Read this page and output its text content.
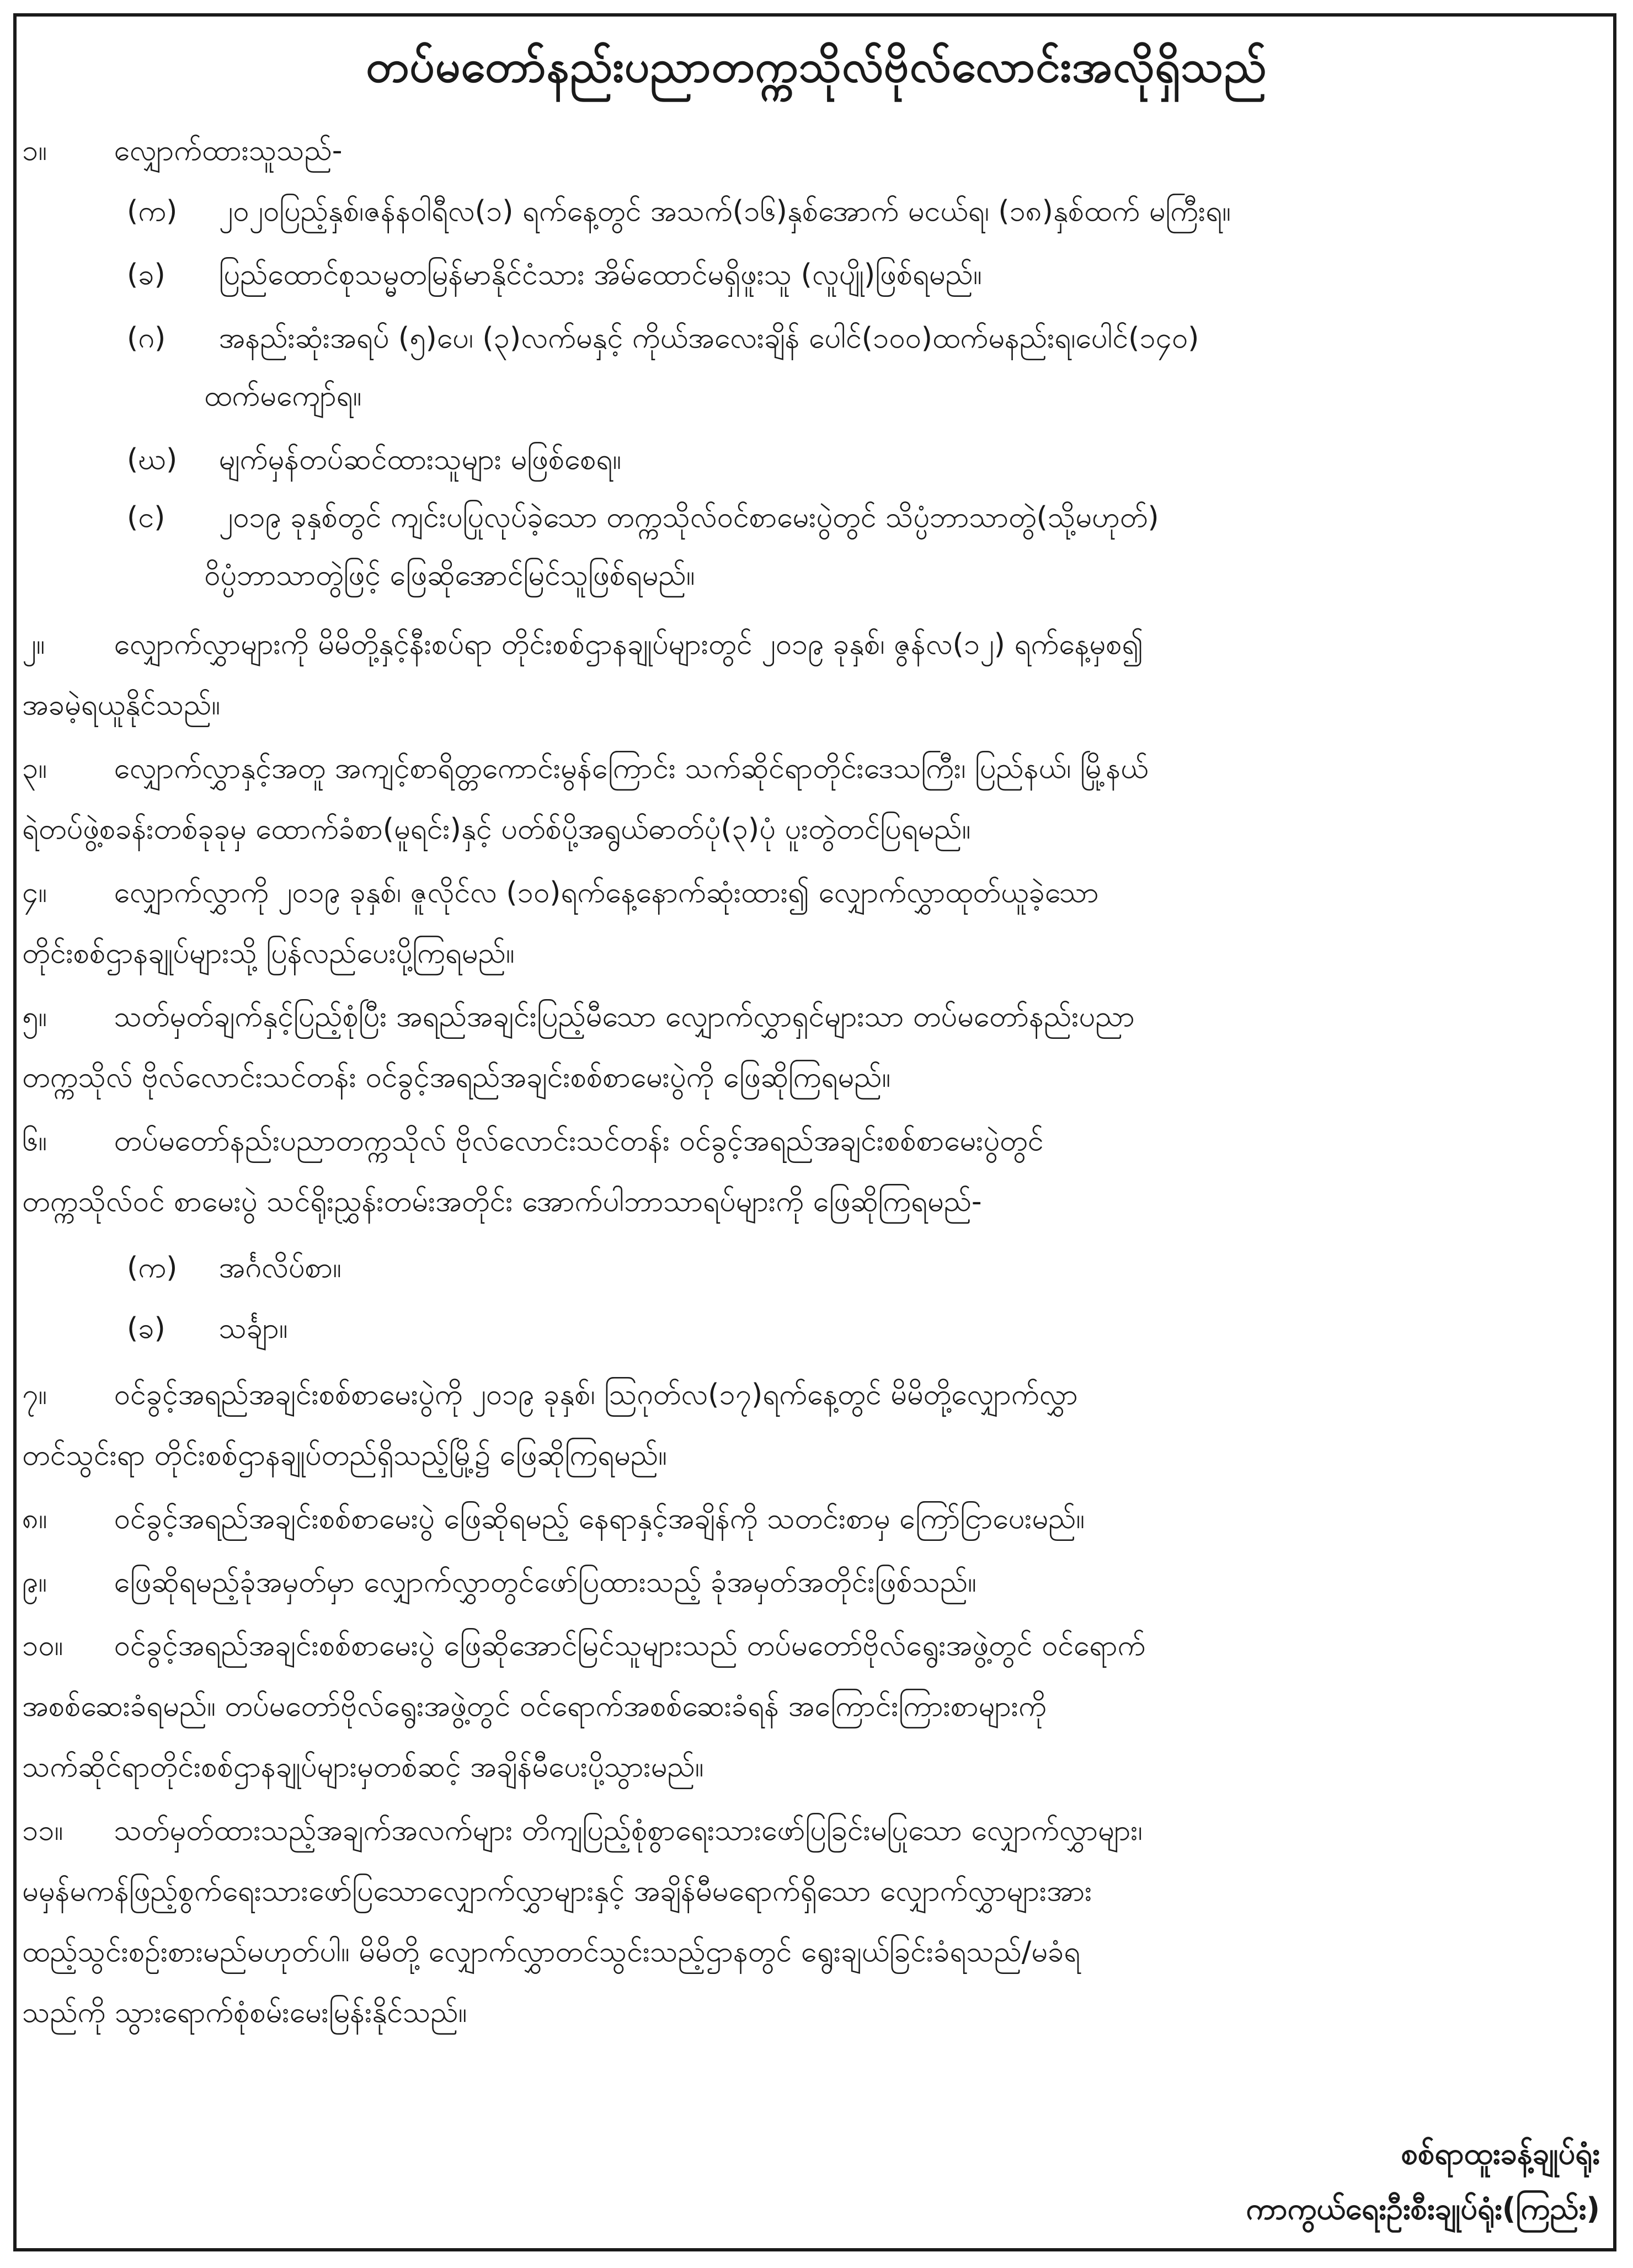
တပ်မတော်နည်းပညာတက္ကသိုလ်ဗိုလ်လောင်းအလိုရှိသည်
၁။ လျှောက်ထားသူသည်-
(က) ၂၀၂၀ပြည့်နှစ်၊ဇန်နဝါရီလ(၁) ရက်နေ့တွင် အသက်(၁၆)နှစ်အောက် မငယ်ရ၊ (၁၈)နှစ်ထက် မကြီးရ။
(ခ) ပြည်ထောင်စုသမ္မတမြန်မာနိုင်ငံသား အိမ်ထောင်မရှိဖူးသူ (လူပျို)ဖြစ်ရမည်။
(ဂ) အနည်းဆုံးအရပ် (၅)ပေ၊ (၃)လက်မနှင့် ကိုယ်အလေးချိန် ပေါင်(၁၀၀)ထက်မနည်းရ၊ပေါင်(၁၄၀)
ထက်မကျော်ရ။
(ဃ) မျက်မှန်တပ်ဆင်ထားသူများ မဖြစ်စေရ။
(င) ၂၀၁၉ ခုနှစ်တွင် ကျင်းပပြုလုပ်ခဲ့သော တက္ကသိုလ်ဝင်စာမေးပွဲတွင် သိပ္ပံဘာသာတွဲ(သို့မဟုတ်)
ဝိပ္ပံဘာသာတွဲဖြင့် ဖြေဆိုအောင်မြင်သူဖြစ်ရမည်။
၂။ လျှောက်လွှာများကို မိမိတို့နှင့်နီးစပ်ရာ တိုင်းစစ်ဌာနချုပ်များတွင် ၂၀၁၉ ခုနှစ်၊ ဇွန်လ(၁၂) ရက်နေ့မှစ၍
အခမဲ့ရယူနိုင်သည်။
၃။ လျှောက်လွှာနှင့်အတူ အကျင့်စာရိတ္တကောင်းမွန်ကြောင်း သက်ဆိုင်ရာတိုင်းဒေသကြီး၊ ပြည်နယ်၊ မြို့နယ်
ရဲတပ်ဖွဲ့စခန်းတစ်ခုခုမှ ထောက်ခံစာ(မူရင်း)နှင့် ပတ်စ်ပို့အရွယ်ဓာတ်ပုံ(၃)ပုံ ပူးတွဲတင်ပြရမည်။
၄။ လျှောက်လွှာကို ၂၀၁၉ ခုနှစ်၊ ဇူလိုင်လ (၁၀)ရက်နေ့နောက်ဆုံးထား၍ လျှောက်လွှာထုတ်ယူခဲ့သော
တိုင်းစစ်ဌာနချုပ်များသို့ ပြန်လည်ပေးပို့ကြရမည်။
၅။ သတ်မှတ်ချက်နှင့်ပြည့်စုံပြီး အရည်အချင်းပြည့်မီသော လျှောက်လွှာရှင်များသာ တပ်မတော်နည်းပညာ
တက္ကသိုလ် ဗိုလ်လောင်းသင်တန်း ဝင်ခွင့်အရည်အချင်းစစ်စာမေးပွဲကို ဖြေဆိုကြရမည်။
၆။ တပ်မတော်နည်းပညာတက္ကသိုလ် ဗိုလ်လောင်းသင်တန်း ဝင်ခွင့်အရည်အချင်းစစ်စာမေးပွဲတွင်
တက္ကသိုလ်ဝင် စာမေးပွဲ သင်ရိုးညွှန်းတမ်းအတိုင်း အောက်ပါဘာသာရပ်များကို ဖြေဆိုကြရမည်-
(က) အင်္ဂလိပ်စာ။
(ခ) သင်္ချာ။
၇။ ဝင်ခွင့်အရည်အချင်းစစ်စာမေးပွဲကို ၂၀၁၉ ခုနှစ်၊ သြဂုတ်လ(၁၇)ရက်နေ့တွင် မိမိတို့လျှောက်လွှာ
တင်သွင်းရာ တိုင်းစစ်ဌာနချုပ်တည်ရှိသည့်မြို့၌ ဖြေဆိုကြရမည်။
၈။ ဝင်ခွင့်အရည်အချင်းစစ်စာမေးပွဲ ဖြေဆိုရမည့် နေရာနှင့်အချိန်ကို သတင်းစာမှ ကြော်ငြာပေးမည်။
၉။ ဖြေဆိုရမည့်ခုံအမှတ်မှာ လျှောက်လွှာတွင်ဖော်ပြထားသည့် ခုံအမှတ်အတိုင်းဖြစ်သည်။
၁၀။ ဝင်ခွင့်အရည်အချင်းစစ်စာမေးပွဲ ဖြေဆိုအောင်မြင်သူများသည် တပ်မတော်ဗိုလ်ရွေးအဖွဲ့တွင် ဝင်ရောက်
အစစ်ဆေးခံရမည်။ တပ်မတော်ဗိုလ်ရွေးအဖွဲ့တွင် ဝင်ရောက်အစစ်ဆေးခံရန် အကြောင်းကြားစာများကို
သက်ဆိုင်ရာတိုင်းစစ်ဌာနချုပ်များမှတစ်ဆင့် အချိန်မီပေးပို့သွားမည်။
၁၁။ သတ်မှတ်ထားသည့်အချက်အလက်များ တိကျပြည့်စုံစွာရေးသားဖော်ပြခြင်းမပြုသော လျှောက်လွှာများ၊
မမှန်မကန်ဖြည့်စွက်ရေးသားဖော်ပြသောလျှောက်လွှာများနှင့် အချိန်မီမရောက်ရှိသော လျှောက်လွှာများအား
ထည့်သွင်းစဉ်းစားမည်မဟုတ်ပါ။ မိမိတို့ လျှောက်လွှာတင်သွင်းသည့်ဌာနတွင် ရွေးချယ်ခြင်းခံရသည်/မခံရ
သည်ကို သွားရောက်စုံစမ်းမေးမြန်းနိုင်သည်။
စစ်ရာထူးခန့်ချုပ်ရုံး
ကာကွယ်ရေးဦးစီးချုပ်ရုံး(ကြည်း)
